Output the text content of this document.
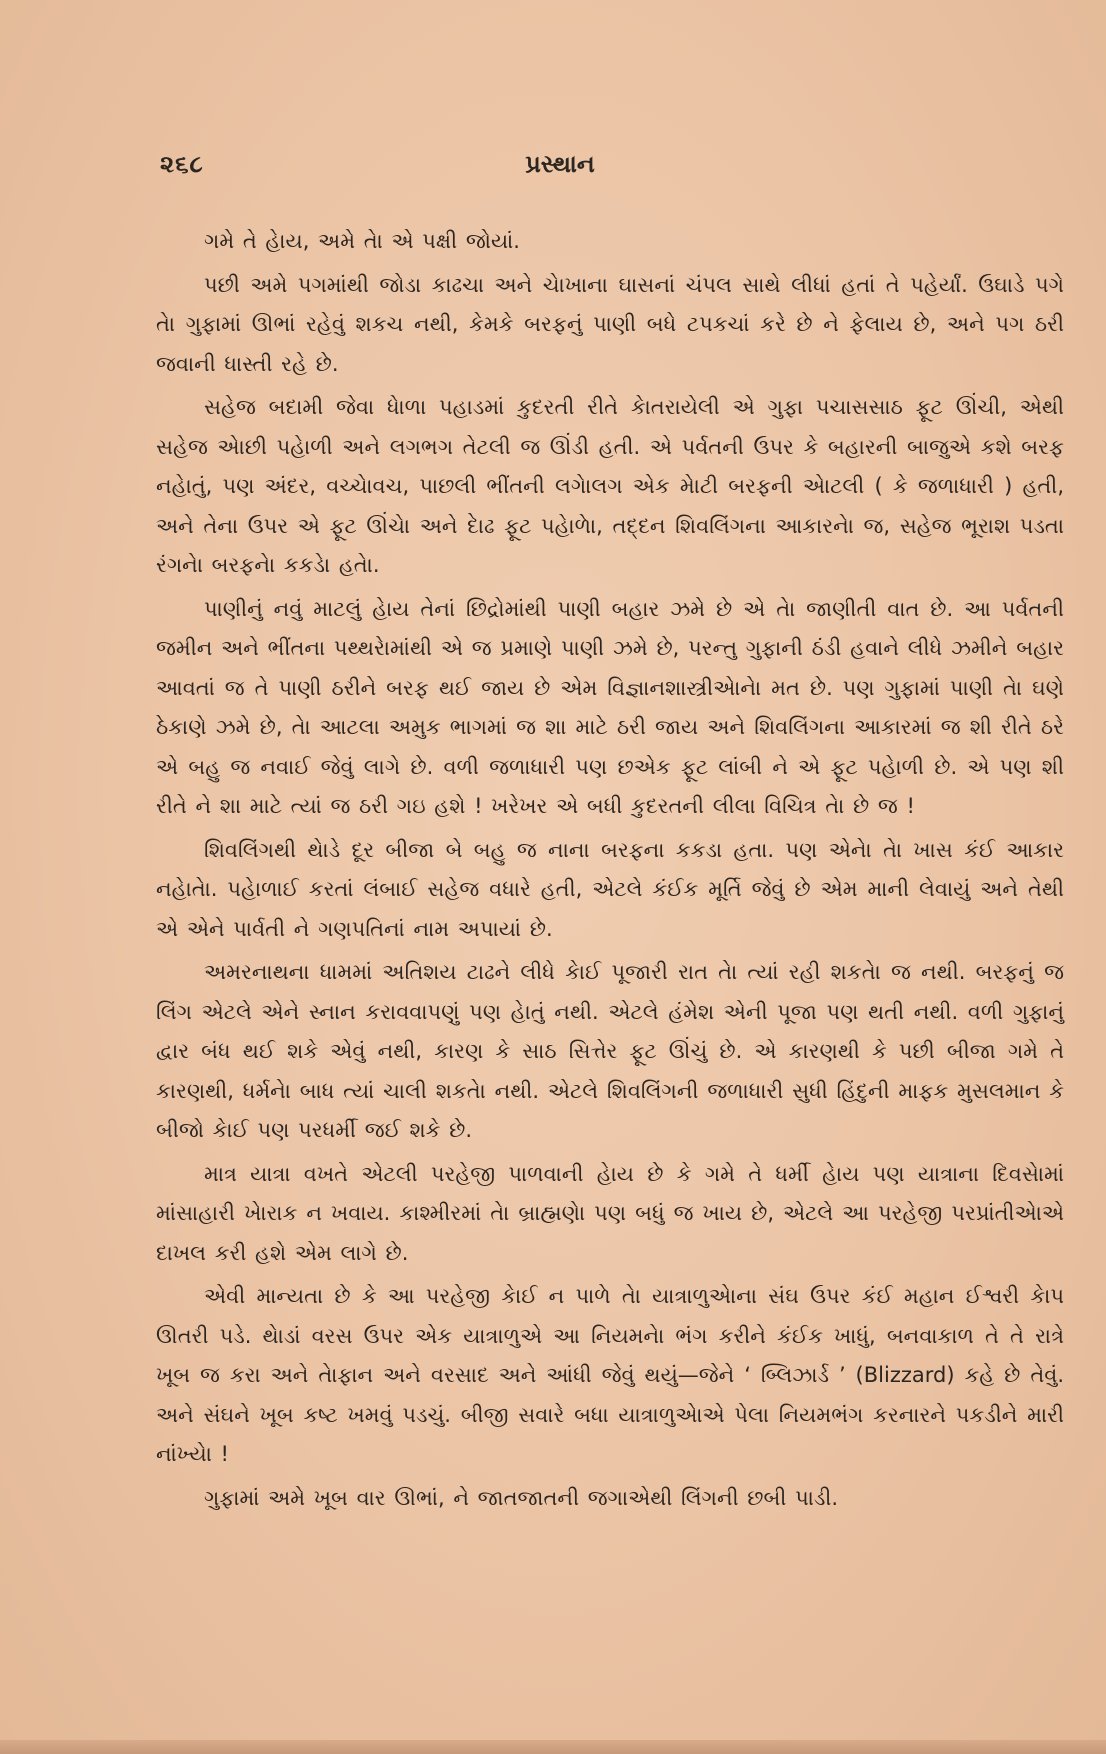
૨૬૮	પ્રસ્થાન

ગમે તે હેાય, અમે તેા એ પક્ષી જોયાં.

પછી અમે પગમાંથી જોડા કાઢચા અને ચેાખાના ઘાસનાં ચંપલ સાથે લીધાં હતાં તે પહેર્યાં. ઉઘાડે પગે તેા ગુફામાં ઊભાં રહેવું શકચ નથી, કેમકે બરફનું પાણી બધે ટપકચાં કરે છે ને ફેલાય છે, અને પગ ઠરી જવાની ધાસ્તી રહે છે.

સહેજ બદામી જેવા ધેાળા પહાડમાં કુદરતી રીતે કેાતરાયેલી એ ગુફા પચાસસાઠ ફૂટ ઊંચી, એથી સહેજ એાછી પહેાળી અને લગભગ તેટલી જ ઊંડી હતી. એ પર્વતની ઉપર કે બહારની બાજુએ કશે બરફ નહેાતું, પણ અંદર, વચ્ચેાવચ, પાછલી ભીંતની લગેાલગ એક મેાટી બરફની એાટલી ( કે જળાધારી ) હતી, અને તેના ઉપર એ ફૂટ ઊંચેા અને દેાઢ ફૂટ પહેાળેા, તદ્દન શિવલિંગના આકારનેા જ, સહેજ ભૂરાશ પડતા રંગનેા બરફનેા કકડેા હતેા.

પાણીનું નવું માટલું હેાય તેનાં છિદ્રોમાંથી પાણી બહાર ઝમે છે એ તેા જાણીતી વાત છે. આ પર્વતની જમીન અને ભીંતના પથ્થરેામાંથી એ જ પ્રમાણે પાણી ઝમે છે, પરન્તુ ગુફાની ઠંડી હવાને લીધે ઝમીને બહાર આવતાં જ તે પાણી ઠરીને બરફ થઈ જાય છે એમ વિજ્ઞાનશાસ્ત્રીએાનેા મત છે. પણ ગુફામાં પાણી તેા ઘણે ઠેકાણે ઝમે છે, તેા આટલા અમુક ભાગમાં જ શા માટે ઠરી જાય અને શિવલિંગના આકારમાં જ શી રીતે ઠરે એ બહુ જ નવાઈ જેવું લાગે છે. વળી જળાધારી પણ છએક ફૂટ લાંબી ને એ ફૂટ પહેાળી છે. એ પણ શી રીતે ને શા માટે ત્યાં જ ઠરી ગઇ હશે ! ખરેખર એ બધી કુદરતની લીલા વિચિત્ર તેા છે જ !

શિવલિંગથી થેાડે દૂર બીજા બે બહુ જ નાના બરફના કકડા હતા. પણ એનેા તેા ખાસ કંઈ આકાર નહેાતેા. પહેાળાઈ કરતાં લંબાઈ સહેજ વધારે હતી, એટલે કંઈક મૂર્તિ જેવું છે એમ માની લેવાયું અને તેથી એ એને પાર્વતી ને ગણપતિનાં નામ અપાયાં છે.

અમરનાથના ધામમાં અતિશય ટાઢને લીધે કેાઈ પૂજારી રાત તેા ત્યાં રહી શકતેા જ નથી. બરફનું જ લિંગ એટલે એને સ્નાન કરાવવાપણું પણ હેાતું નથી. એટલે હંમેશ એની પૂજા પણ થતી નથી. વળી ગુફાનું દ્વાર બંધ થઈ શકે એવું નથી, કારણ કે સાઠ સિત્તેર ફૂટ ઊંચું છે. એ કારણથી કે પછી બીજા ગમે તે કારણથી, ધર્મનેા બાધ ત્યાં ચાલી શકતેા નથી. એટલે શિવલિંગની જળાધારી સુધી હિંદુની માફક મુસલમાન કે બીજો કેાઈ પણ પરધર્મી જઈ શકે છે.

માત્ર યાત્રા વખતે એટલી પરહેજી પાળવાની હેાય છે કે ગમે તે ધર્મી હેાય પણ યાત્રાના દિવસેામાં માંસાહારી ખેારાક ન ખવાય. કાશ્મીરમાં તેા બ્રાહ્મણેા પણ બધું જ ખાય છે, એટલે આ પરહેજી પરપ્રાંતીએાએ દાખલ કરી હશે એમ લાગે છે.

એવી માન્યતા છે કે આ પરહેજી કેાઈ ન પાળે તેા યાત્રાળુએાના સંઘ ઉપર કંઈ મહાન ઈશ્વરી કેાપ ઊતરી પડે. થેાડાં વરસ ઉપર એક યાત્રાળુએ આ નિયમનેા ભંગ કરીને કંઈક ખાધું, બનવાકાળ તે તે રાત્રે ખૂબ જ કરા અને તેાફાન અને વરસાદ અને આંધી જેવું થયું—જેને ‘ બ્લિઝાર્ડ ’ (Blizzard) કહે છે તેવું. અને સંઘને ખૂબ કષ્ટ ખમવું પડચું. બીજી સવારે બધા યાત્રાળુએાએ પેલા નિયમભંગ કરનારને પકડીને મારી નાંખ્યેા !

ગુફામાં અમે ખૂબ વાર ઊભાં, ને જાતજાતની જગાએથી લિંગની છબી પાડી.
